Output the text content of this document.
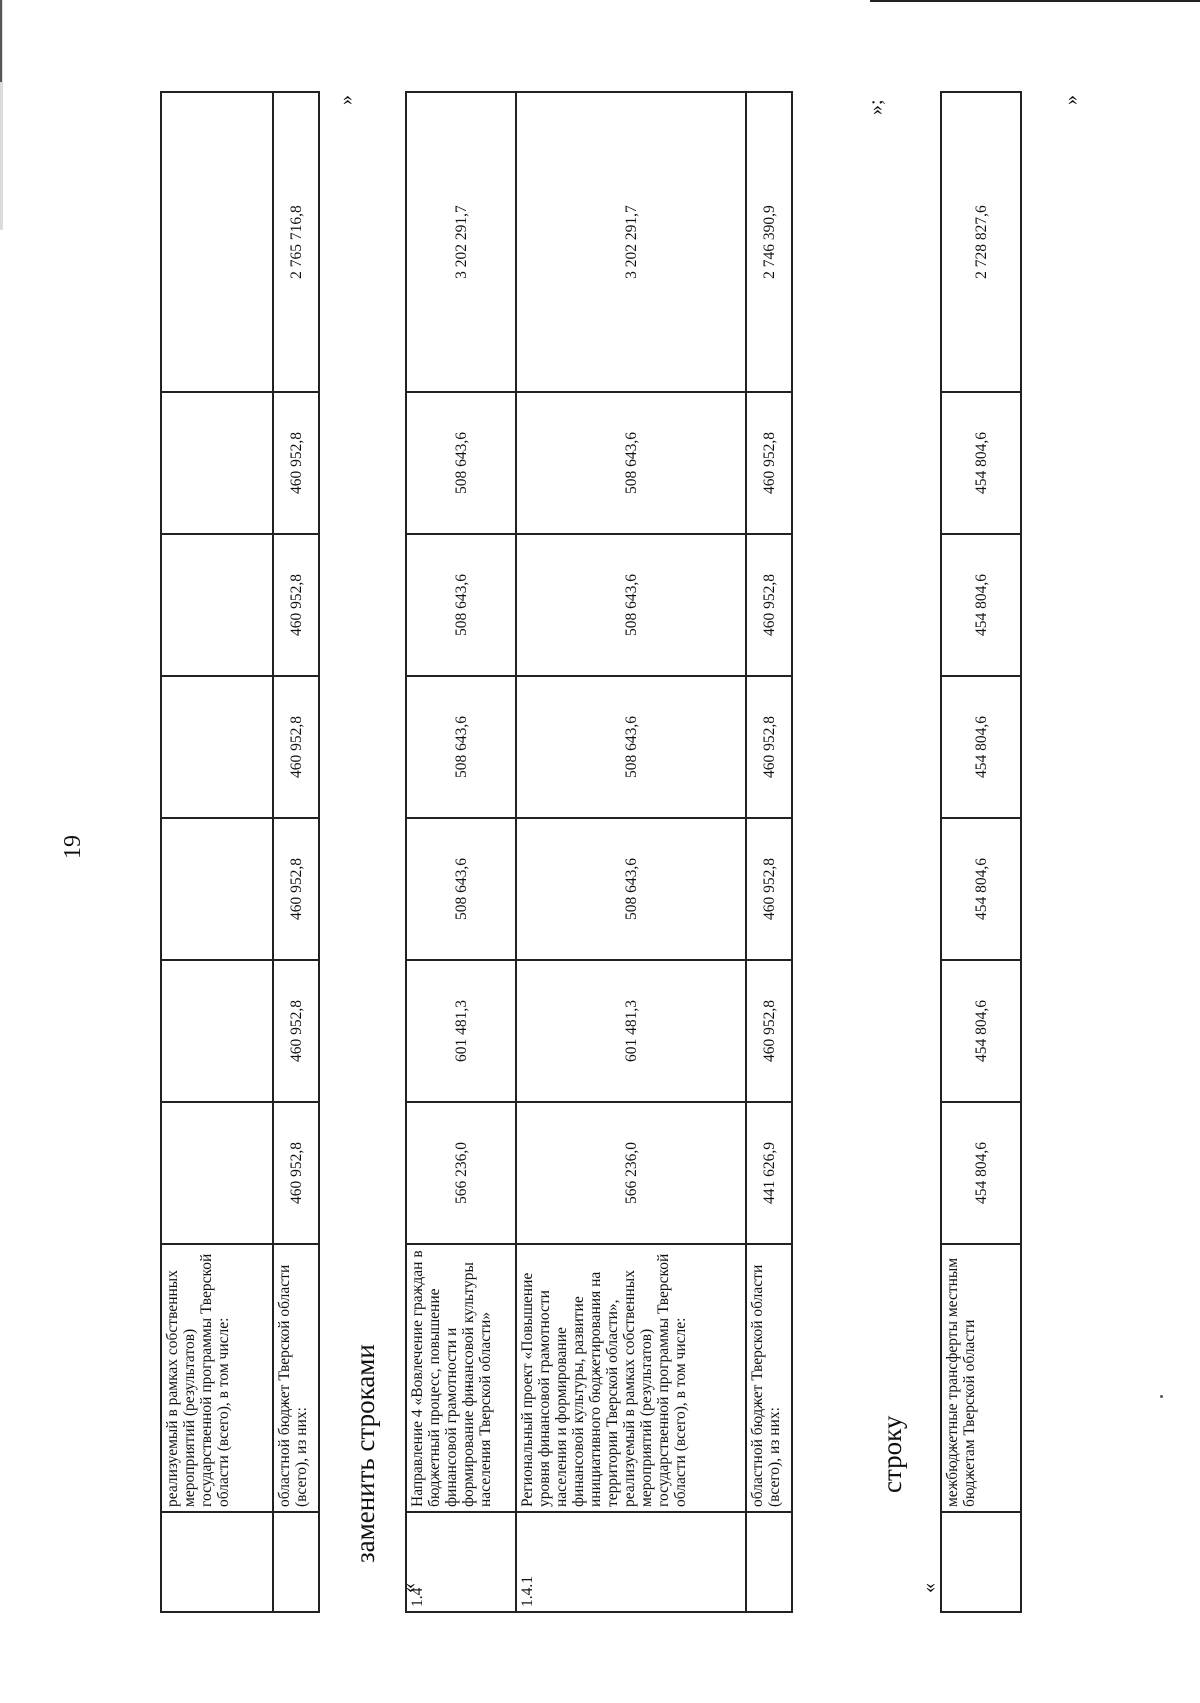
19
	реализуемый в рамках собственных мероприятий (результатов) государственной программы Тверской области (всего), в том числе:							
	областной бюджет Тверской области (всего), из них:	460 952,8	460 952,8	460 952,8	460 952,8	460 952,8	460 952,8	2 765 716,8
»
заменить строками
«
1.4	Направление 4 «Вовлечение граждан в бюджетный процесс, повышение финансовой грамотности и формирование финансовой культуры населения Тверской области»	566 236,0	601 481,3	508 643,6	508 643,6	508 643,6	508 643,6	3 202 291,7
1.4.1	Региональный проект «Повышение уровня финансовой грамотности населения и формирование финансовой культуры, развитие инициативного бюджетирования на территории Тверской области», реализуемый в рамках собственных мероприятий (результатов) государственной программы Тверской области (всего), в том числе:	566 236,0	601 481,3	508 643,6	508 643,6	508 643,6	508 643,6	3 202 291,7
	областной бюджет Тверской области (всего), из них:	441 626,9	460 952,8	460 952,8	460 952,8	460 952,8	460 952,8	2 746 390,9
»;
строку
«
	межбюджетные трансферты местным бюджетам Тверской области	454 804,6	454 804,6	454 804,6	454 804,6	454 804,6	454 804,6	2 728 827,6
»
